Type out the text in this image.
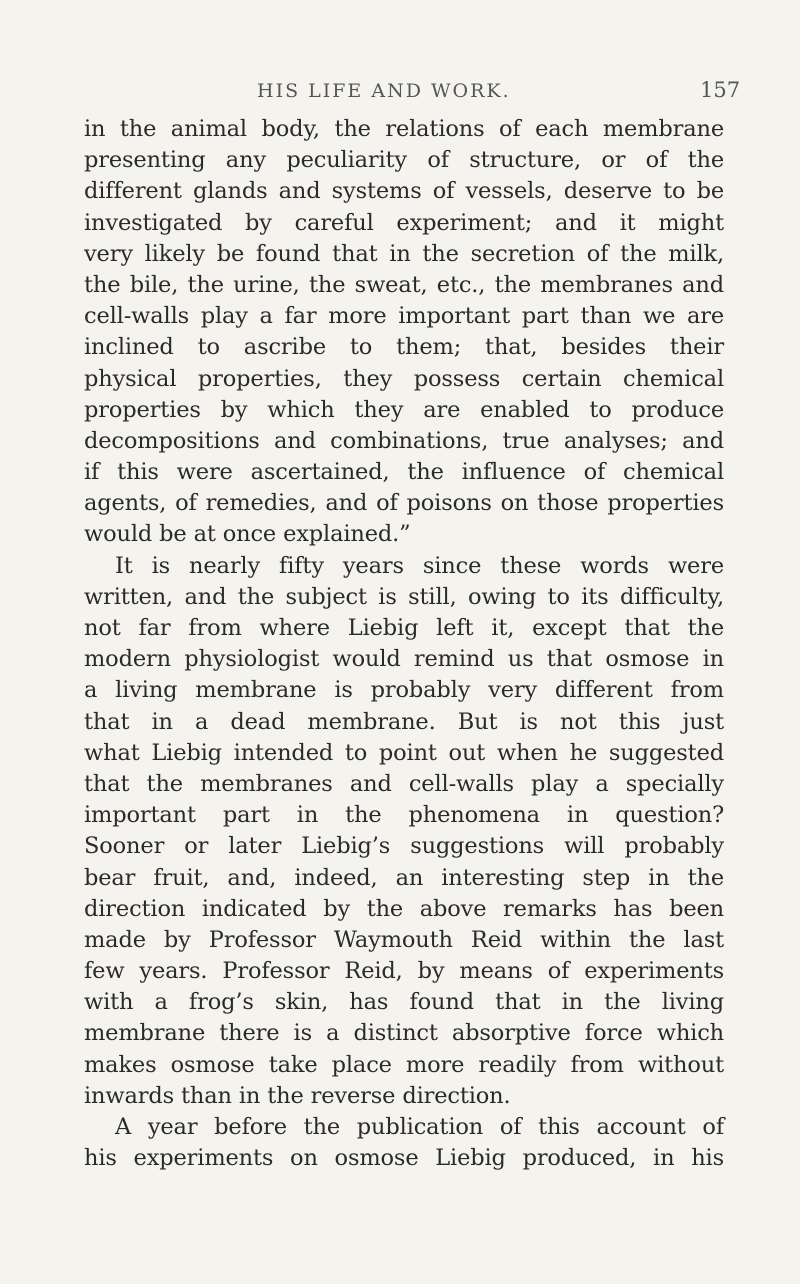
HIS LIFE AND WORK.	157
in the animal body, the relations of each membrane
presenting any peculiarity of structure, or of the
different glands and systems of vessels, deserve to be
investigated by careful experiment; and it might
very likely be found that in the secretion of the milk,
the bile, the urine, the sweat, etc., the membranes and
cell-walls play a far more important part than we are
inclined to ascribe to them; that, besides their
physical properties, they possess certain chemical
properties by which they are enabled to produce
decompositions and combinations, true analyses; and
if this were ascertained, the influence of chemical
agents, of remedies, and of poisons on those properties
would be at once explained.”
It is nearly fifty years since these words were
written, and the subject is still, owing to its difficulty,
not far from where Liebig left it, except that the
modern physiologist would remind us that osmose in
a living membrane is probably very different from
that in a dead membrane. But is not this just
what Liebig intended to point out when he suggested
that the membranes and cell-walls play a specially
important part in the phenomena in question?
Sooner or later Liebig’s suggestions will probably
bear fruit, and, indeed, an interesting step in the
direction indicated by the above remarks has been
made by Professor Waymouth Reid within the last
few years. Professor Reid, by means of experiments
with a frog’s skin, has found that in the living
membrane there is a distinct absorptive force which
makes osmose take place more readily from without
inwards than in the reverse direction.
A year before the publication of this account of
his experiments on osmose Liebig produced, in his
